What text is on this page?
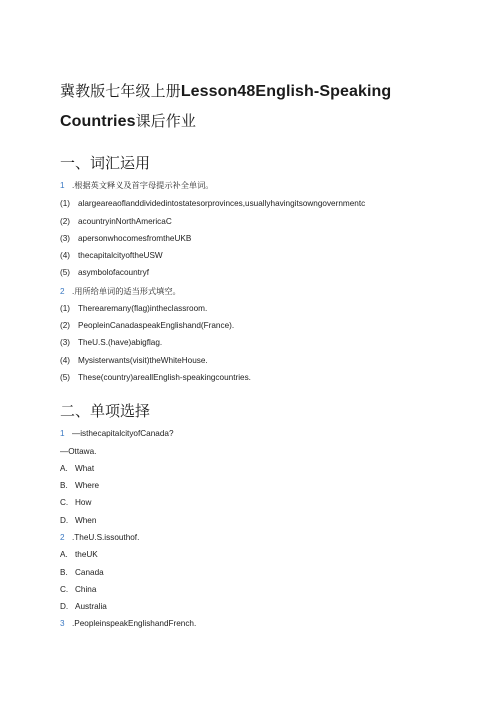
冀教版七年级上册Lesson48English-Speaking
Countries课后作业
一、词汇运用
1 .根据英文释义及首字母提示补全单词。
(1) alargeareaoflanddividedintostatesorprovinces,usuallyhavingitsowngovernmentc
(2) acountryinNorthAmericaC
(3) apersonwhocomesfromtheUKB
(4) thecapitalcityoftheUSW
(5) asymbolofacountryf
2 .用所给单词的适当形式填空。
(1) Therearemany(flag)intheclassroom.
(2) PeopleinCanadaspeakEnglishand(France).
(3) TheU.S.(have)abigflag.
(4) Mysisterwants(visit)theWhiteHouse.
(5) These(country)areallEnglish-speakingcountries.
二、单项选择
1 —isthecapitalcityofCanada?
—Ottawa.
A. What
B. Where
C. How
D. When
2 .TheU.S.issouthof.
A. theUK
B. Canada
C. China
D. Australia
3 .PeopleinspeakEnglishandFrench.
